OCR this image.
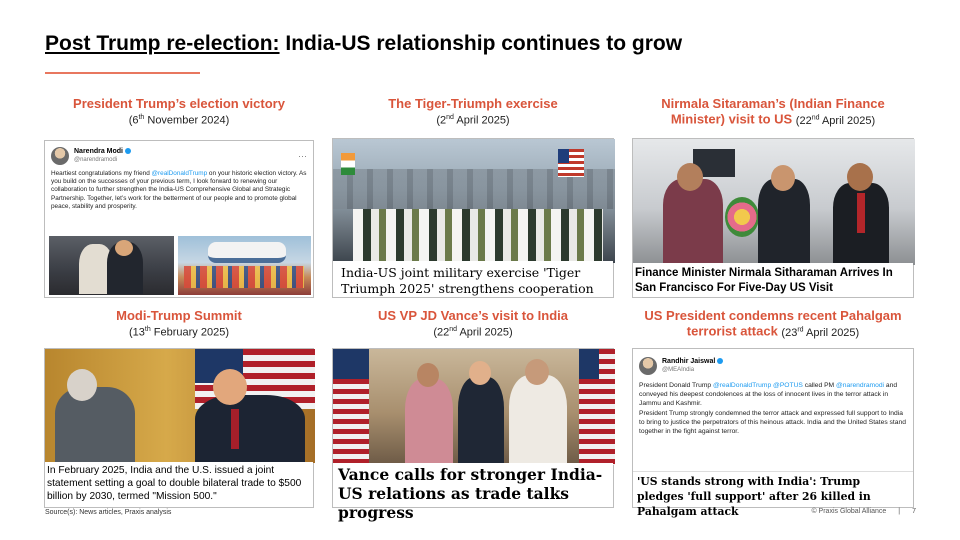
Post Trump re-election: India-US relationship continues to grow
President Trump’s election victory
(6th November 2024)
The Tiger-Triumph exercise
(2nd April 2025)
Nirmala Sitaraman’s (Indian Finance
Minister) visit to US (22nd April 2025)
Narendra Modi
@narendramodi	···
Heartiest congratulations my friend @realDonaldTrump on your historic election victory. As you build on the successes of your previous term, I look forward to renewing our collaboration to further strengthen the India-US Comprehensive Global and Strategic Partnership. Together, let’s work for the betterment of our people and to promote global peace, stability and prosperity.
India-US joint military exercise 'Tiger Triumph 2025' strengthens cooperation
Finance Minister Nirmala Sitharaman Arrives In San Francisco For Five-Day US Visit
Modi-Trump Summit
(13th February 2025)
US VP JD Vance’s visit to India
(22nd April 2025)
US President condemns recent Pahalgam
terrorist attack (23rd April 2025)
In February 2025, India and the U.S. issued a joint statement setting a goal to double bilateral trade to $500 billion by 2030, termed "Mission 500."
Vance calls for stronger India-US relations as trade talks progress
Randhir Jaiswal
@MEAIndia
President Donald Trump @realDonaldTrump @POTUS called PM @narendramodi and conveyed his deepest condolences at the loss of innocent lives in the terror attack in Jammu and Kashmir.
President Trump strongly condemned the terror attack and expressed full support to India to bring to justice the perpetrators of this heinous attack. India and the United States stand together in the fight against terror.
'US stands strong with India': Trump pledges 'full support' after 26 killed in Pahalgam attack
Source(s): News articles, Praxis analysis	© Praxis Global Alliance | 7
